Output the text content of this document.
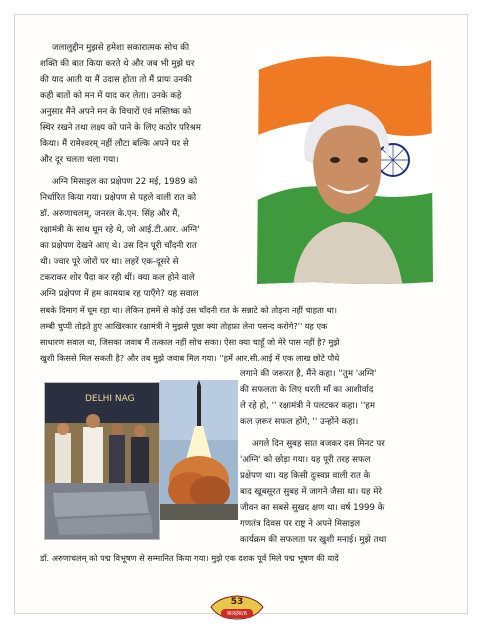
जलालुद्दीन मुझसे हमेशा सकारात्मक सोच की
शक्ति की बात किया करते थे और जब भी मुझे घर
की याद आती या मैं उदास होता तो मैं प्रायः उनकी
कही बातों को मन में याद कर लेता। उनके कहे
अनुसार मैंने अपने मन के विचारों एवं मस्तिष्क को
स्थिर रखने तथा लक्ष्य को पाने के लिए कठोर परिश्रम
किया। मैं रामेश्वरम् नहीं लौटा बल्कि अपने घर से
और दूर चलता चला गया।
अग्नि मिसाइल का प्रक्षेपण 22 मई, 1989 को
निर्धारित किया गया। प्रक्षेपण से पहले वाली रात को
डॉ. अरुणाचलम्, जनरल के.एन. सिंह और मैं,
रक्षामंत्री के साथ घूम रहे थे, जो आई.टी.आर. अग्नि'
का प्रक्षेपण देखने आए थे। उस दिन पूरी चाँदनी रात
थी। ज्वार पूरे जोरों पर था। लहरें एक-दूसरे से
टकराकर शोर पैदा कर रही थीं। क्या कल होने वाले
अग्नि प्रक्षेपण में हम कामयाब रह पाएँगे? यह सवाल
सबके दिमाग में घूम रहा था। लेकिन हममें से कोई उस चाँदनी रात के सन्नाटे को तोड़ना नहीं चाहता था।
लम्बी चुप्पी तोड़ते हुए आखिरकार रक्षामंत्री ने मुझसे पूछा क्या तोहफ़ा लेना पसन्द करोगे?'' यह एक
साधारण सवाल था, जिसका जवाब मैं तत्काल नहीं सोच सका। ऐसा क्या चाहूँ जो मेरे पास नहीं है? मुझे
खुशी किससे मिल सकती है? और तब मुझे जवाब मिल गया। ''हमें आर.सी.आई में एक लाख छोटे पौधे
DELHI NAG
लगाने की जरूरत है, मैंने कहा। ''तुम 'अग्नि'
की सफलता के लिए धरती माँ का आशीर्वाद
ले रहे हो, '' रक्षामंत्री ने पलटकर कहा। ''हम
कल ज़रूर सफल होंगे, '' उन्होंने कहा।
अगले दिन सुबह सात बजकर दस मिनट पर
'अग्नि' को छोड़ा गया। यह पूरी तरह सफल
प्रक्षेपण था। यह किसी दुःस्वप्न वाली रात के
बाद खूबसूरत सुबह में जागने जैसा था। यह मेरे
जीवन का सबसे सुखद क्षण था। वर्ष 1999 के
गणतंत्र दिवस पर राष्ट्र ने अपने मिसाइल
कार्यक्रम की सफलता पर खुशी मनाई। मुझे तथा
डॉ. अरुणाचलम् को पद्म विभूषण से सम्मानित किया गया। मुझे एक दशक पूर्व मिले पद्म भूषण की यादें
53
बालहंस/6
